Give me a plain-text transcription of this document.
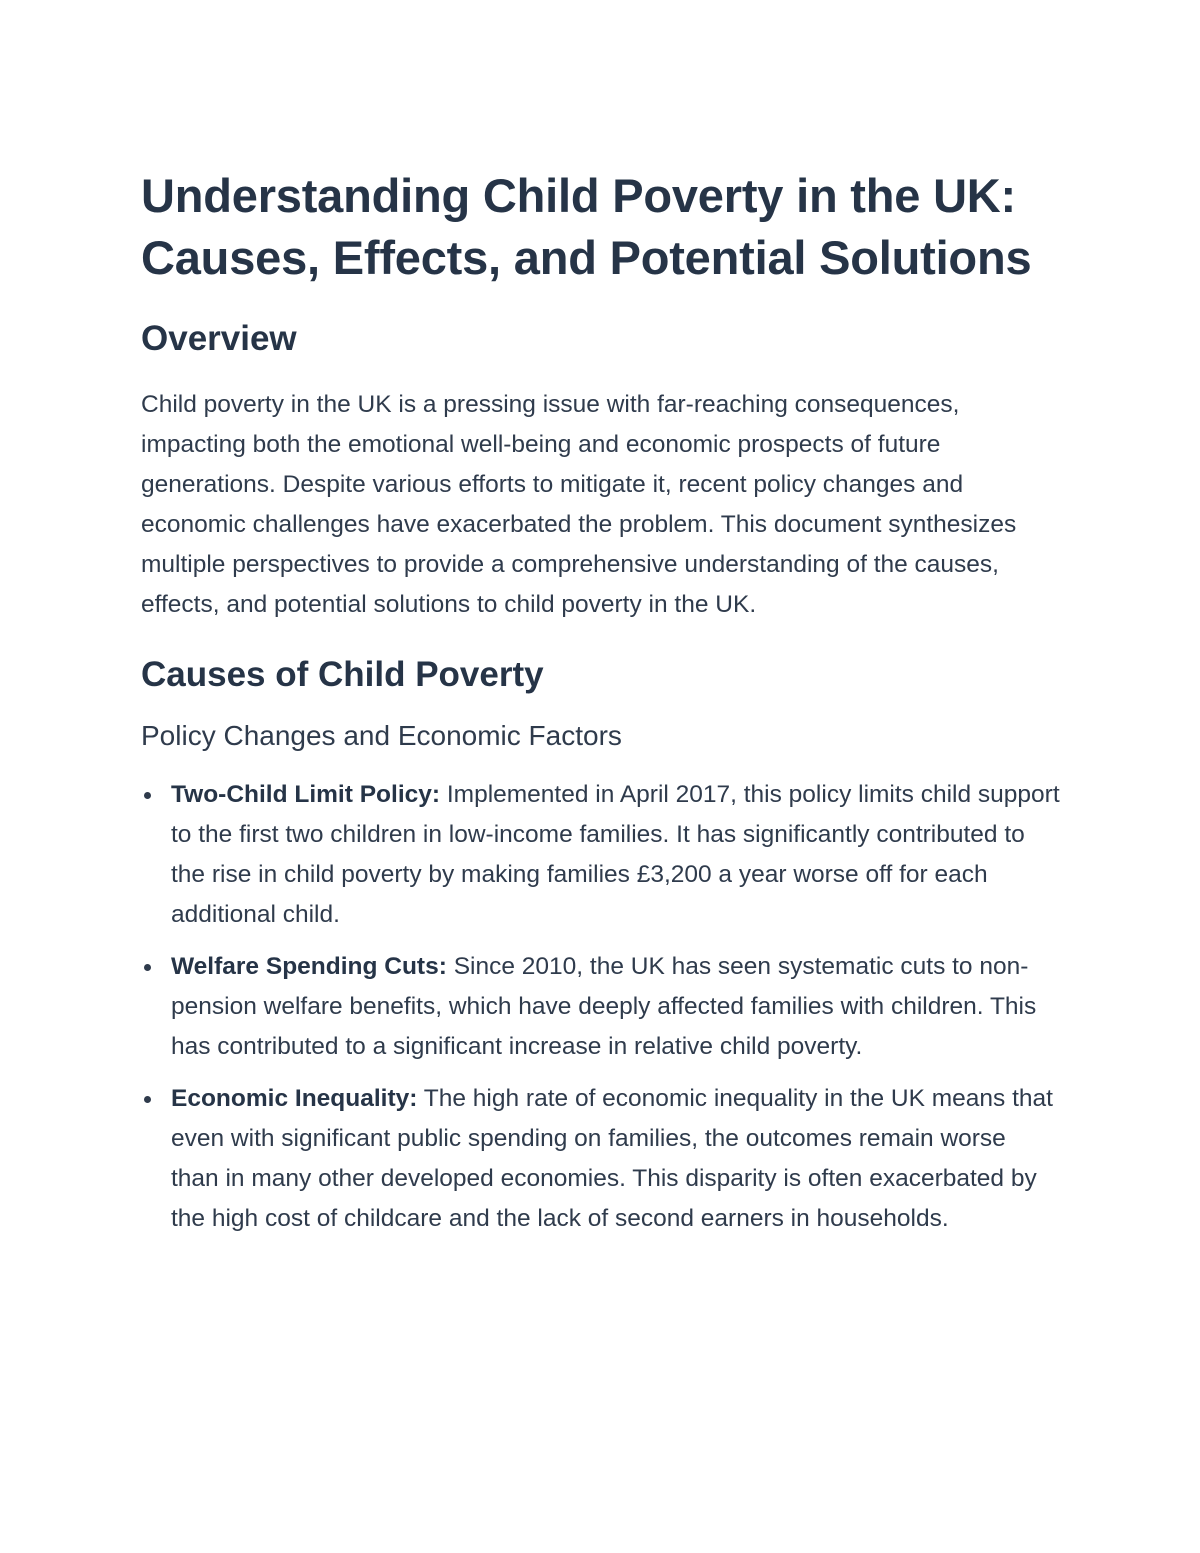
Understanding Child Poverty in the UK: Causes, Effects, and Potential Solutions
Overview

Child poverty in the UK is a pressing issue with far-reaching consequences, impacting both the emotional well-being and economic prospects of future generations. Despite various efforts to mitigate it, recent policy changes and economic challenges have exacerbated the problem. This document synthesizes multiple perspectives to provide a comprehensive understanding of the causes, effects, and potential solutions to child poverty in the UK.

Causes of Child Poverty
Policy Changes and Economic Factors
Two-Child Limit Policy: Implemented in April 2017, this policy limits child support to the first two children in low-income families. It has significantly contributed to the rise in child poverty by making families £3,200 a year worse off for each additional child.
Welfare Spending Cuts: Since 2010, the UK has seen systematic cuts to non-pension welfare benefits, which have deeply affected families with children. This has contributed to a significant increase in relative child poverty.
Economic Inequality: The high rate of economic inequality in the UK means that even with significant public spending on families, the outcomes remain worse than in many other developed economies. This disparity is often exacerbated by the high cost of childcare and the lack of second earners in households.
